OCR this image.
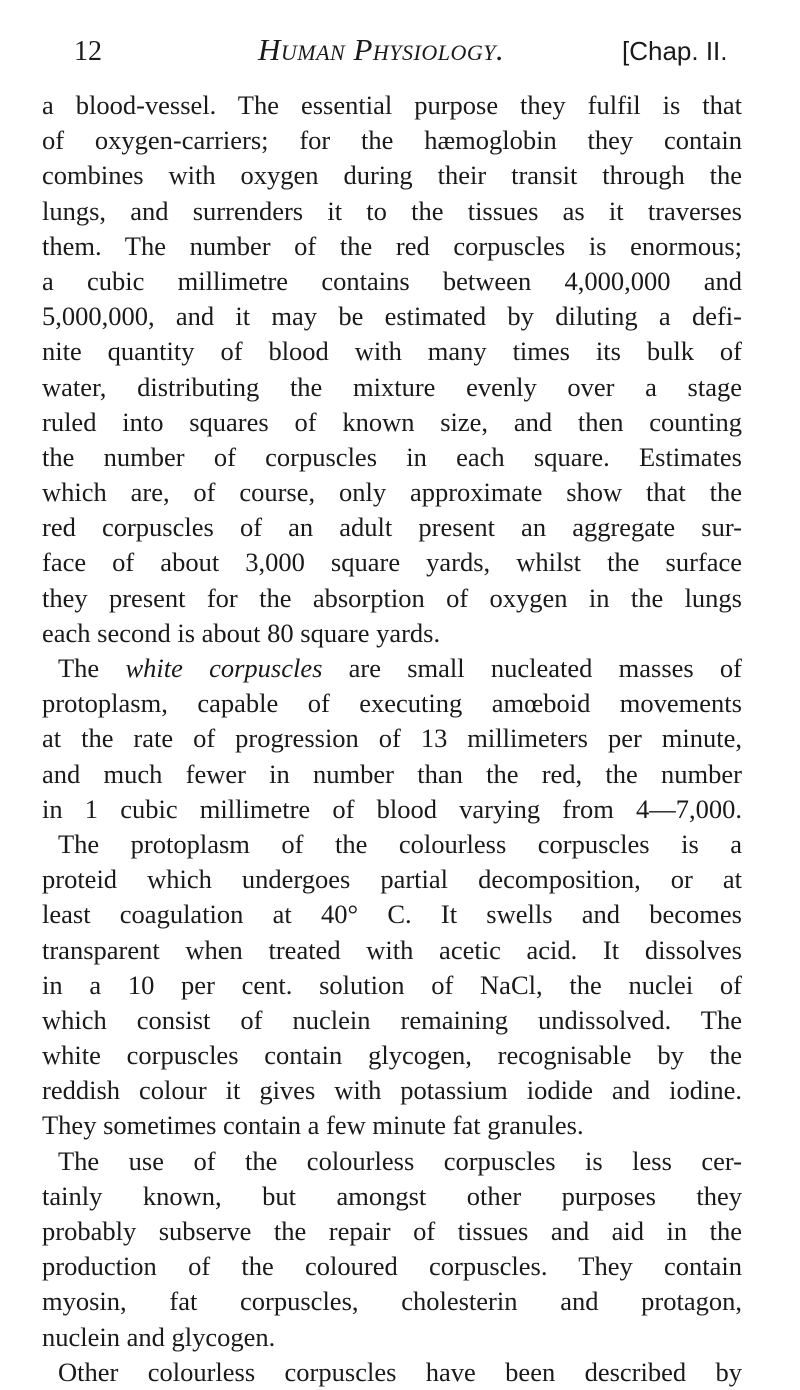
12	Human Physiology.	[Chap. II.
a blood-vessel. The essential purpose they fulfil is that
of oxygen-carriers; for the hæmoglobin they contain
combines with oxygen during their transit through the
lungs, and surrenders it to the tissues as it traverses
them. The number of the red corpuscles is enormous;
a cubic millimetre contains between 4,000,000 and
5,000,000, and it may be estimated by diluting a defi-
nite quantity of blood with many times its bulk of
water, distributing the mixture evenly over a stage
ruled into squares of known size, and then counting
the number of corpuscles in each square. Estimates
which are, of course, only approximate show that the
red corpuscles of an adult present an aggregate sur-
face of about 3,000 square yards, whilst the surface
they present for the absorption of oxygen in the lungs
each second is about 80 square yards.
The white corpuscles are small nucleated masses of
protoplasm, capable of executing amœboid movements
at the rate of progression of 13 millimeters per minute,
and much fewer in number than the red, the number
in 1 cubic millimetre of blood varying from 4—7,000.
The protoplasm of the colourless corpuscles is a
proteid which undergoes partial decomposition, or at
least coagulation at 40° C. It swells and becomes
transparent when treated with acetic acid. It dissolves
in a 10 per cent. solution of NaCl, the nuclei of
which consist of nuclein remaining undissolved. The
white corpuscles contain glycogen, recognisable by the
reddish colour it gives with potassium iodide and iodine.
They sometimes contain a few minute fat granules.
The use of the colourless corpuscles is less cer-
tainly known, but amongst other purposes they
probably subserve the repair of tissues and aid in the
production of the coloured corpuscles. They contain
myosin, fat corpuscles, cholesterin and protagon,
nuclein and glycogen.
Other colourless corpuscles have been described by
